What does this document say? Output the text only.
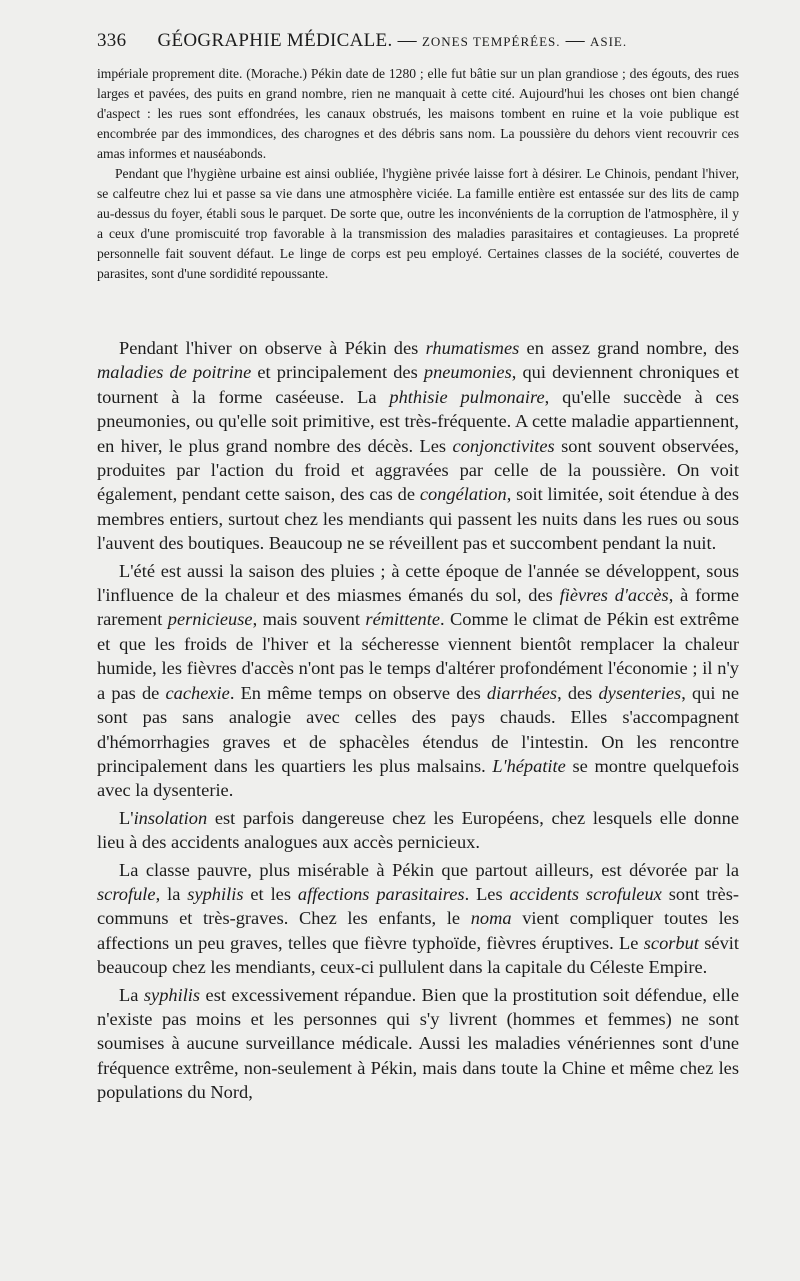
336 GÉOGRAPHIE MÉDICALE. — ZONES TEMPÉRÉES. — ASIE.

impériale proprement dite. (Morache.) Pékin date de 1280 ; elle fut bâtie sur un plan grandiose ; des égouts, des rues larges et pavées, des puits en grand nombre, rien ne manquait à cette cité. Aujourd'hui les choses ont bien changé d'aspect : les rues sont effondrées, les canaux obstrués, les maisons tombent en ruine et la voie publique est encombrée par des immondices, des charognes et des débris sans nom. La poussière du dehors vient recouvrir ces amas informes et nauséabonds.

Pendant que l'hygiène urbaine est ainsi oubliée, l'hygiène privée laisse fort à désirer. Le Chinois, pendant l'hiver, se calfeutre chez lui et passe sa vie dans une atmosphère viciée. La famille entière est entassée sur des lits de camp au-dessus du foyer, établi sous le parquet. De sorte que, outre les inconvénients de la corruption de l'atmosphère, il y a ceux d'une promiscuité trop favorable à la transmission des maladies parasitaires et contagieuses. La propreté personnelle fait souvent défaut. Le linge de corps est peu employé. Certaines classes de la société, couvertes de parasites, sont d'une sordidité repoussante.

Pendant l'hiver on observe à Pékin des rhumatismes en assez grand nombre, des maladies de poitrine et principalement des pneumonies, qui deviennent chroniques et tournent à la forme caséeuse. La phthisie pulmonaire, qu'elle succède à ces pneumonies, ou qu'elle soit primitive, est très-fréquente. A cette maladie appartiennent, en hiver, le plus grand nombre des décès. Les conjonctivites sont souvent observées, produites par l'action du froid et aggravées par celle de la poussière. On voit également, pendant cette saison, des cas de congélation, soit limitée, soit étendue à des membres entiers, surtout chez les mendiants qui passent les nuits dans les rues ou sous l'auvent des boutiques. Beaucoup ne se réveillent pas et succombent pendant la nuit.

L'été est aussi la saison des pluies ; à cette époque de l'année se développent, sous l'influence de la chaleur et des miasmes émanés du sol, des fièvres d'accès, à forme rarement pernicieuse, mais souvent rémittente. Comme le climat de Pékin est extrême et que les froids de l'hiver et la sécheresse viennent bientôt remplacer la chaleur humide, les fièvres d'accès n'ont pas le temps d'altérer profondément l'économie ; il n'y a pas de cachexie. En même temps on observe des diarrhées, des dysenteries, qui ne sont pas sans analogie avec celles des pays chauds. Elles s'accompagnent d'hémorrhagies graves et de sphacèles étendus de l'intestin. On les rencontre principalement dans les quartiers les plus malsains. L'hépatite se montre quelquefois avec la dysenterie.

L'insolation est parfois dangereuse chez les Européens, chez lesquels elle donne lieu à des accidents analogues aux accès pernicieux.

La classe pauvre, plus misérable à Pékin que partout ailleurs, est dévorée par la scrofule, la syphilis et les affections parasitaires. Les accidents scrofuleux sont très-communs et très-graves. Chez les enfants, le noma vient compliquer toutes les affections un peu graves, telles que fièvre typhoïde, fièvres éruptives. Le scorbut sévit beaucoup chez les mendiants, ceux-ci pullulent dans la capitale du Céleste Empire.

La syphilis est excessivement répandue. Bien que la prostitution soit défendue, elle n'existe pas moins et les personnes qui s'y livrent (hommes et femmes) ne sont soumises à aucune surveillance médicale. Aussi les maladies vénériennes sont d'une fréquence extrême, non-seulement à Pékin, mais dans toute la Chine et même chez les populations du Nord,
